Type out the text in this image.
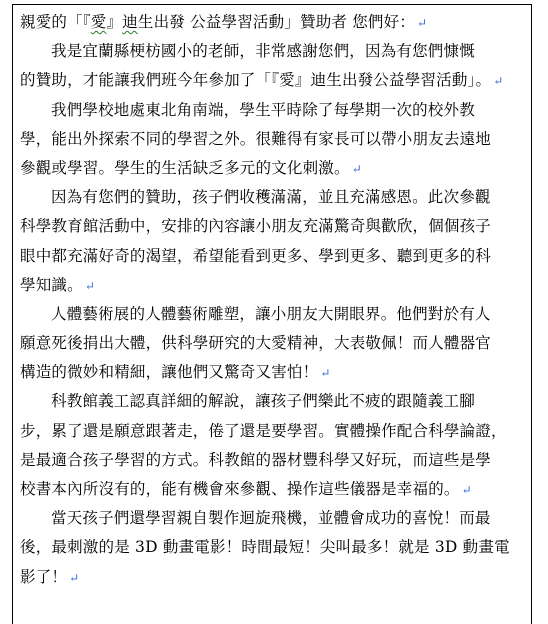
親愛的「『愛』迪生出發 公益學習活動」贊助者 您們好： ↵
我是宜蘭縣梗枋國小的老師，非常感謝您們，因為有您們慷慨
的贊助，才能讓我們班今年參加了「『愛』迪生出發公益學習活動」。 ↵
我們學校地處東北角南端，學生平時除了每學期一次的校外教
學，能出外探索不同的學習之外。很難得有家長可以帶小朋友去遠地
參觀或學習。學生的生活缺乏多元的文化刺激。 ↵
因為有您們的贊助，孩子們收穫滿滿，並且充滿感恩。此次參觀
科學教育館活動中，安排的內容讓小朋友充滿驚奇與歡欣，個個孩子
眼中都充滿好奇的渴望，希望能看到更多、學到更多、聽到更多的科
學知識。 ↵
人體藝術展的人體藝術雕塑，讓小朋友大開眼界。他們對於有人
願意死後捐出大體，供科學研究的大愛精神，大表敬佩！而人體器官
構造的微妙和精細，讓他們又驚奇又害怕！ ↵
科教館義工認真詳細的解說，讓孩子們樂此不疲的跟隨義工腳
步，累了還是願意跟著走，倦了還是要學習。實體操作配合科學論證，
是最適合孩子學習的方式。科教館的器材豐科學又好玩，而這些是學
校書本內所沒有的，能有機會來參觀、操作這些儀器是幸福的。 ↵
當天孩子們還學習親自製作迴旋飛機，並體會成功的喜悅！而最
後，最刺激的是 3D 動畫電影！時間最短！尖叫最多！就是 3D 動畫電
影了！ ↵
